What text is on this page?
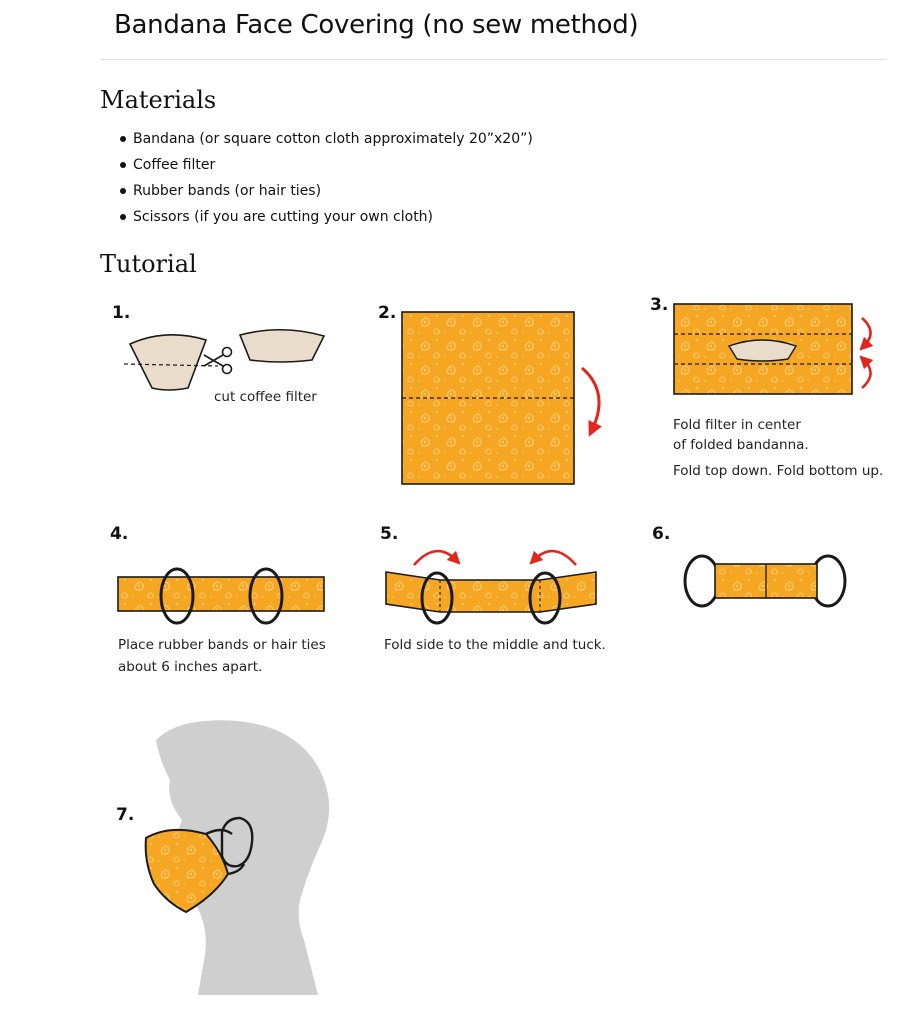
Bandana Face Covering (no sew method)
Materials
Bandana (or square cotton cloth approximately 20”x20”)
Coffee filter
Rubber bands (or hair ties)
Scissors (if you are cutting your own cloth)
Tutorial
1.
cut coffee filter
2.	3.
Fold filter in center
of folded bandanna.
Fold top down. Fold bottom up.
4.
Place rubber bands or hair ties
about 6 inches apart.
5.
Fold side to the middle and tuck.
6.
7.
